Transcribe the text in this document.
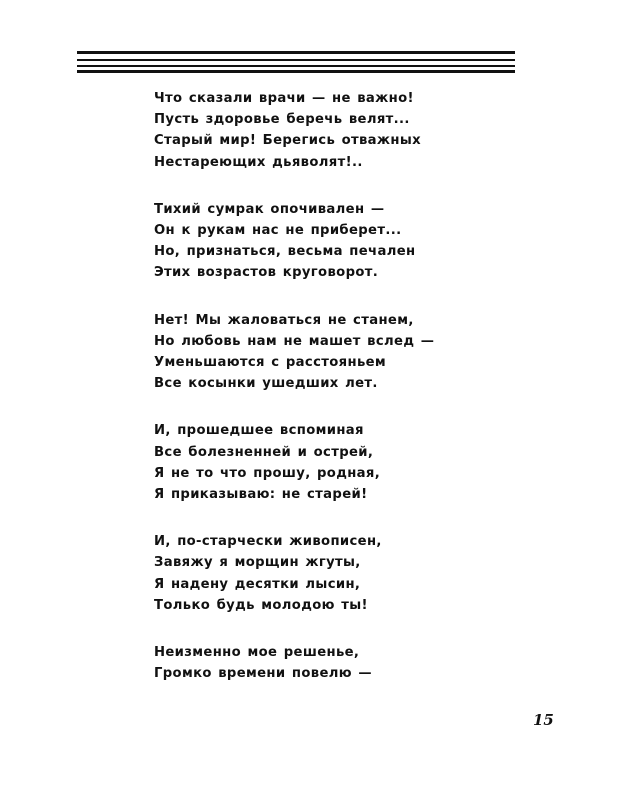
Что сказали врачи — не важно!
Пусть здоровье беречь велят...
Старый мир! Берегись отважных
Нестареющих дьяволят!..
Тихий сумрак опочивален —
Он к рукам нас не приберет...
Но, признаться, весьма печален
Этих возрастов круговорот.
Нет! Мы жаловаться не станем,
Но любовь нам не машет вслед —
Уменьшаются с расстояньем
Все косынки ушедших лет.
И, прошедшее вспоминая
Все болезненней и острей,
Я не то что прошу, родная,
Я приказываю: не старей!
И, по-старчески живописен,
Завяжу я морщин жгуты,
Я надену десятки лысин,
Только будь молодою ты!
Неизменно мое решенье,
Громко времени повелю —
15
